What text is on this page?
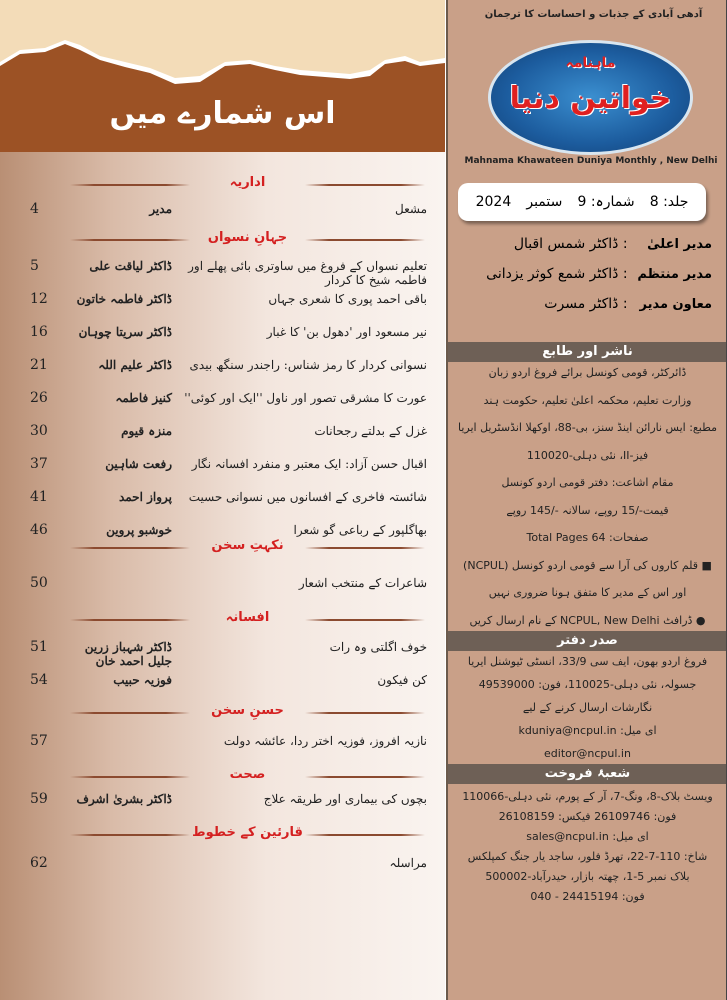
اس شمارے میں
اداریہ
مشعل
مدیر
4
جہانِ نسواں
تعلیم نسواں کے فروغ میں ساوتری بائی پھلے اور فاطمہ شیخ کا کردار
ڈاکٹر لیاقت علی
5
باقی احمد پوری کا شعری جہاں
ڈاکٹر فاطمہ خاتون
12
نیر مسعود اور 'دھول بن' کا غبار
ڈاکٹر سریتا چوہان
16
نسوانی کردار کا رمز شناس: راجندر سنگھ بیدی
ڈاکٹر علیم اللہ
21
عورت کا مشرقی تصور اور ناول ''ایک اور کوئی''
کنیز فاطمہ
26
غزل کے بدلتے رجحانات
منزہ قیوم
30
اقبال حسن آزاد: ایک معتبر و منفرد افسانہ نگار
رفعت شاہین
37
شائستہ فاخری کے افسانوں میں نسوانی حسیت
پرواز احمد
41
بھاگلپور کے رباعی گو شعرا
خوشبو پروین
46
نکہتِ سخن
شاعرات کے منتخب اشعار
50
افسانہ
خوف اگلتی وہ رات
ڈاکٹر شہباز زرین جلیل احمد خان
51
کن فیکون
فوزیہ حبیب
54
حسنِ سخن
نازیہ افروز، فوزیہ اختر ردا، عائشہ دولت
57
صحت
بچوں کی بیماری اور طریقہ علاج
ڈاکٹر بشریٰ اشرف
59
قارئین کے خطوط
مراسلہ
62
آدھی آبادی کے جذبات و احساسات کا ترجمان
ماہنامہ
خواتین دنیا
Mahnama Khawateen Duniya Monthly , New Delhi
جلد: 8
شمارہ: 9
ستمبر
2024
مدیر اعلیٰ : ڈاکٹر شمس اقبال
مدیر منتظم : ڈاکٹر شمع کوثر یزدانی
معاون مدیر : ڈاکٹر مسرت
ناشر اور طابع
ڈائرکٹر، قومی کونسل برائے فروغ اردو زبان
وزارت تعلیم، محکمہ اعلیٰ تعلیم، حکومت ہند
مطبع: ایس نارائن اینڈ سنز، بی-88، اوکھلا انڈسٹریل ایریا
فیز-II، نئی دہلی-110020
مقام اشاعت: دفتر قومی اردو کونسل
قیمت-/15 روپے، سالانہ -/145 روپے
صفحات: Total Pages 64
■ قلم کاروں کی آرا سے قومی اردو کونسل (NCPUL)
اور اس کے مدیر کا متفق ہونا ضروری نہیں
● ڈرافٹ NCPUL, New Delhi کے نام ارسال کریں
صدر دفتر
فروغ اردو بھون، ایف سی 33/9، انسٹی ٹیوشنل ایریا
جسولہ، نئی دہلی-110025، فون: 49539000
نگارشات ارسال کرنے کے لیے
ای میل: kduniya@ncpul.in
editor@ncpul.in
شعبۂ فروخت
ویسٹ بلاک-8، ونگ-7، آر کے پورم، نئی دہلی-110066
فون: 26109746 فیکس: 26108159
ای میل: sales@ncpul.in
شاخ: 110-7-22، تھرڈ فلور، ساجد یار جنگ کمپلکس
بلاک نمبر 5-1، چھتہ بازار، حیدرآباد-500002
فون: 24415194 - 040
